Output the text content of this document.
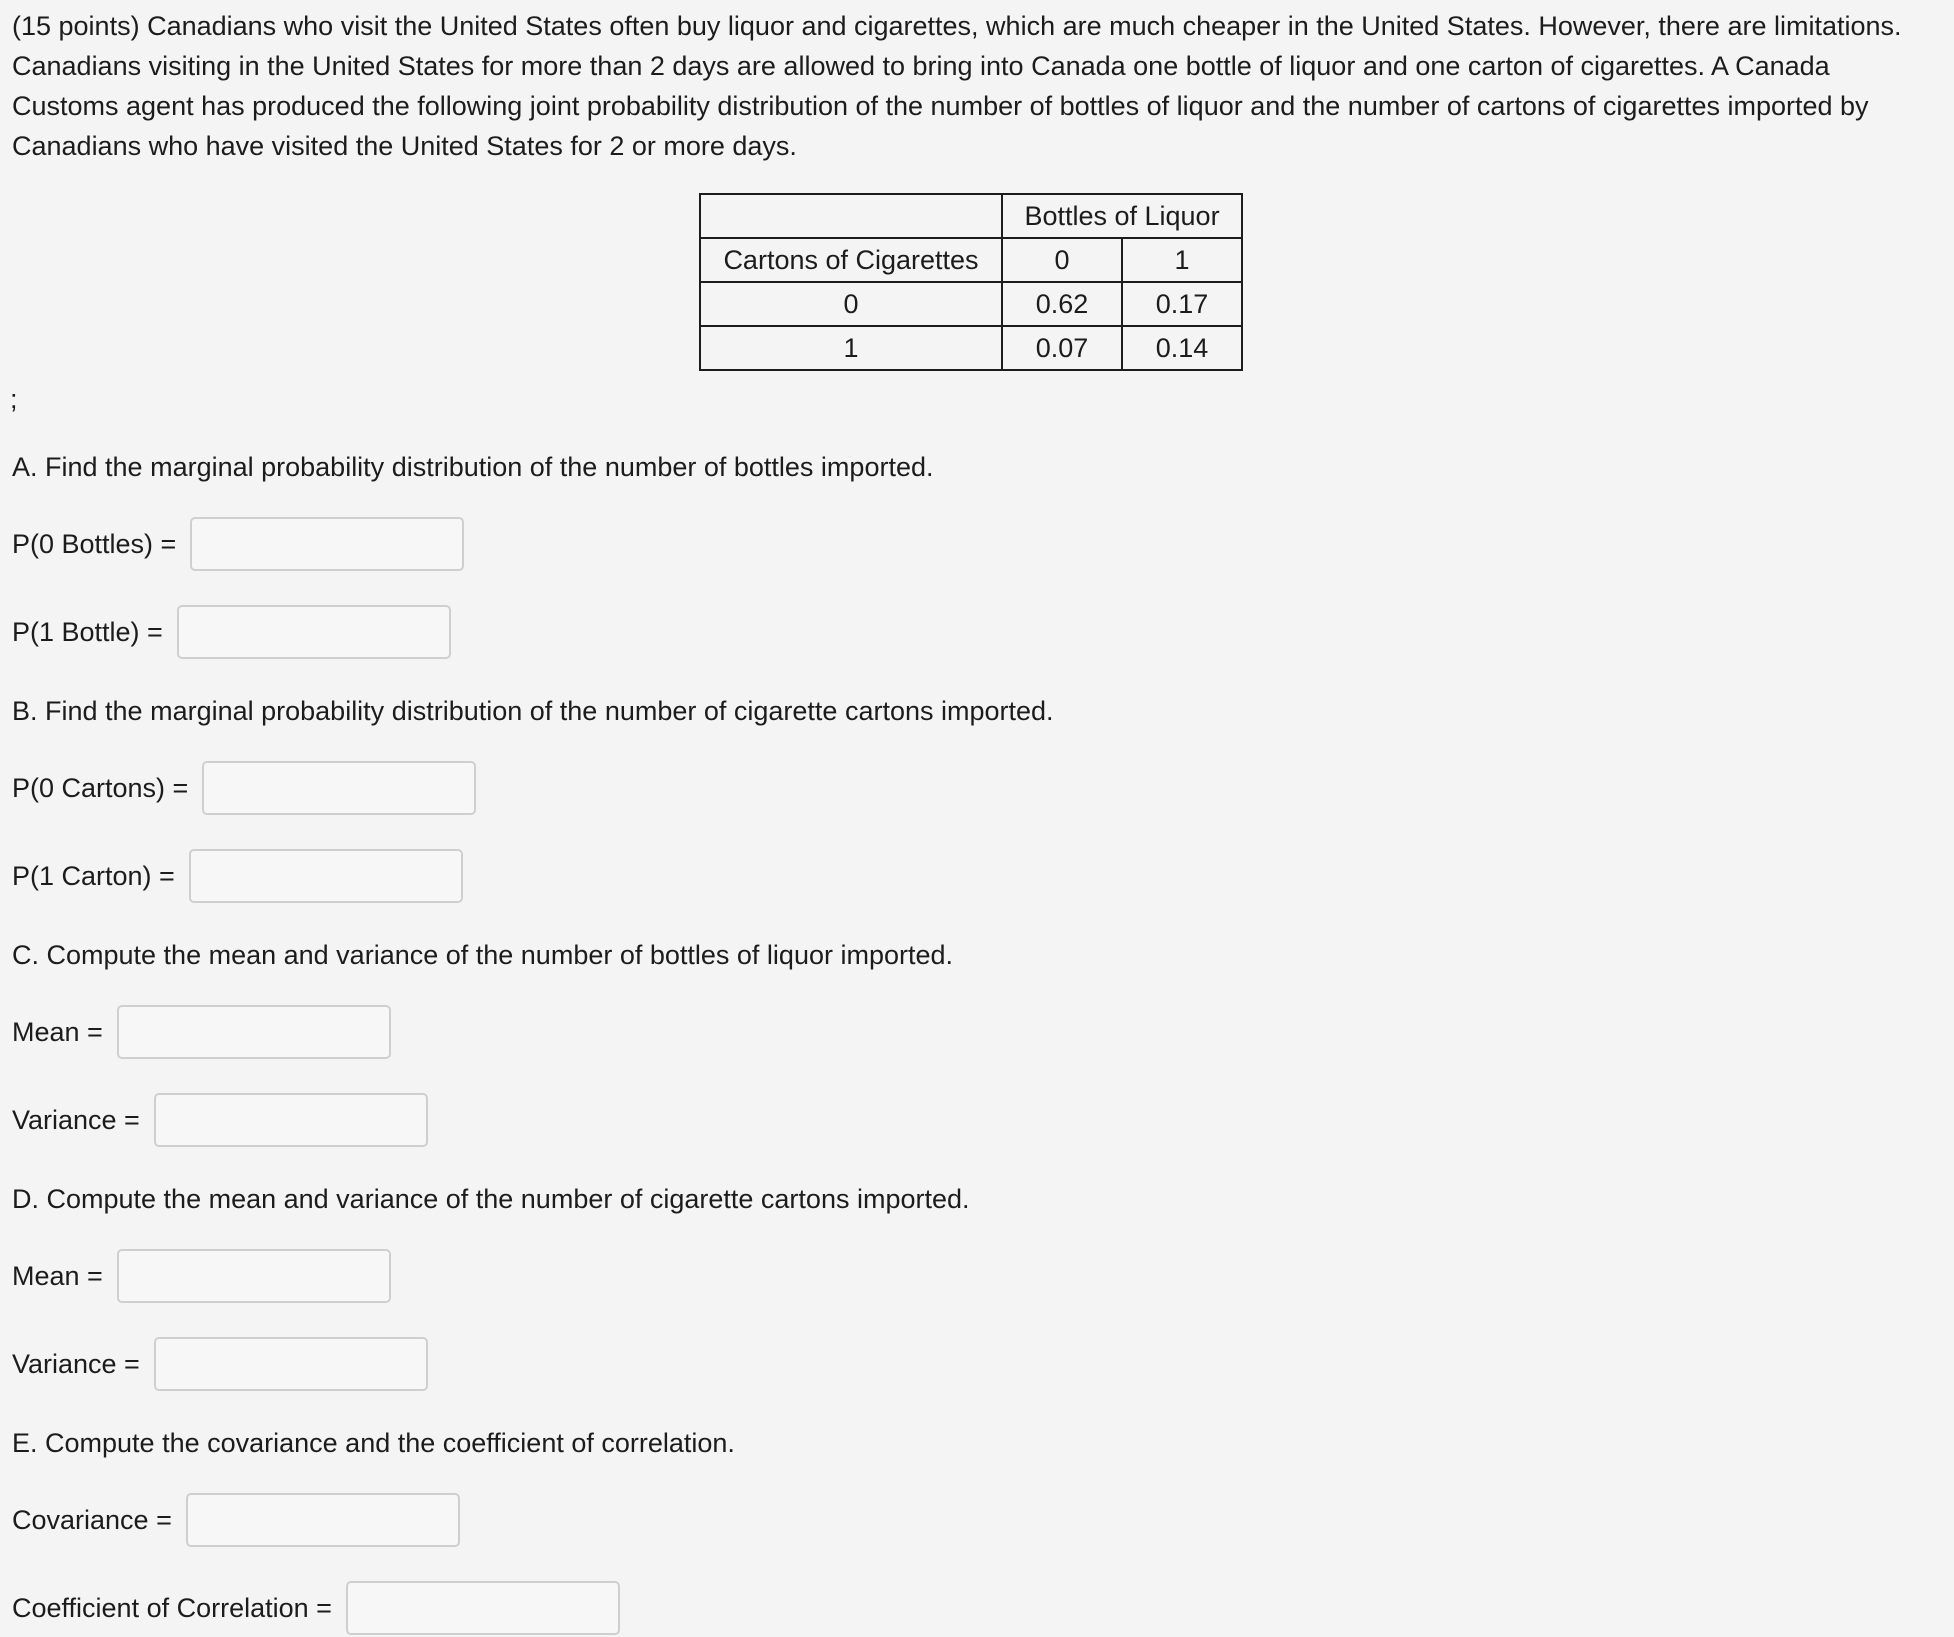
(15 points) Canadians who visit the United States often buy liquor and cigarettes, which are much cheaper in the United States. However, there are limitations. Canadians visiting in the United States for more than 2 days are allowed to bring into Canada one bottle of liquor and one carton of cigarettes. A Canada Customs agent has produced the following joint probability distribution of the number of bottles of liquor and the number of cartons of cigarettes imported by Canadians who have visited the United States for 2 or more days.

	Bottles of Liquor	
Cartons of Cigarettes	0	1
0	0.62	0.17
1	0.07	0.14
;

A. Find the marginal probability distribution of the number of bottles imported.

P(0 Bottles) =
P(1 Bottle) =

B. Find the marginal probability distribution of the number of cigarette cartons imported.

P(0 Cartons) =
P(1 Carton) =

C. Compute the mean and variance of the number of bottles of liquor imported.

Mean =
Variance =

D. Compute the mean and variance of the number of cigarette cartons imported.

Mean =
Variance =

E. Compute the covariance and the coefficient of correlation.

Covariance =
Coefficient of Correlation =
